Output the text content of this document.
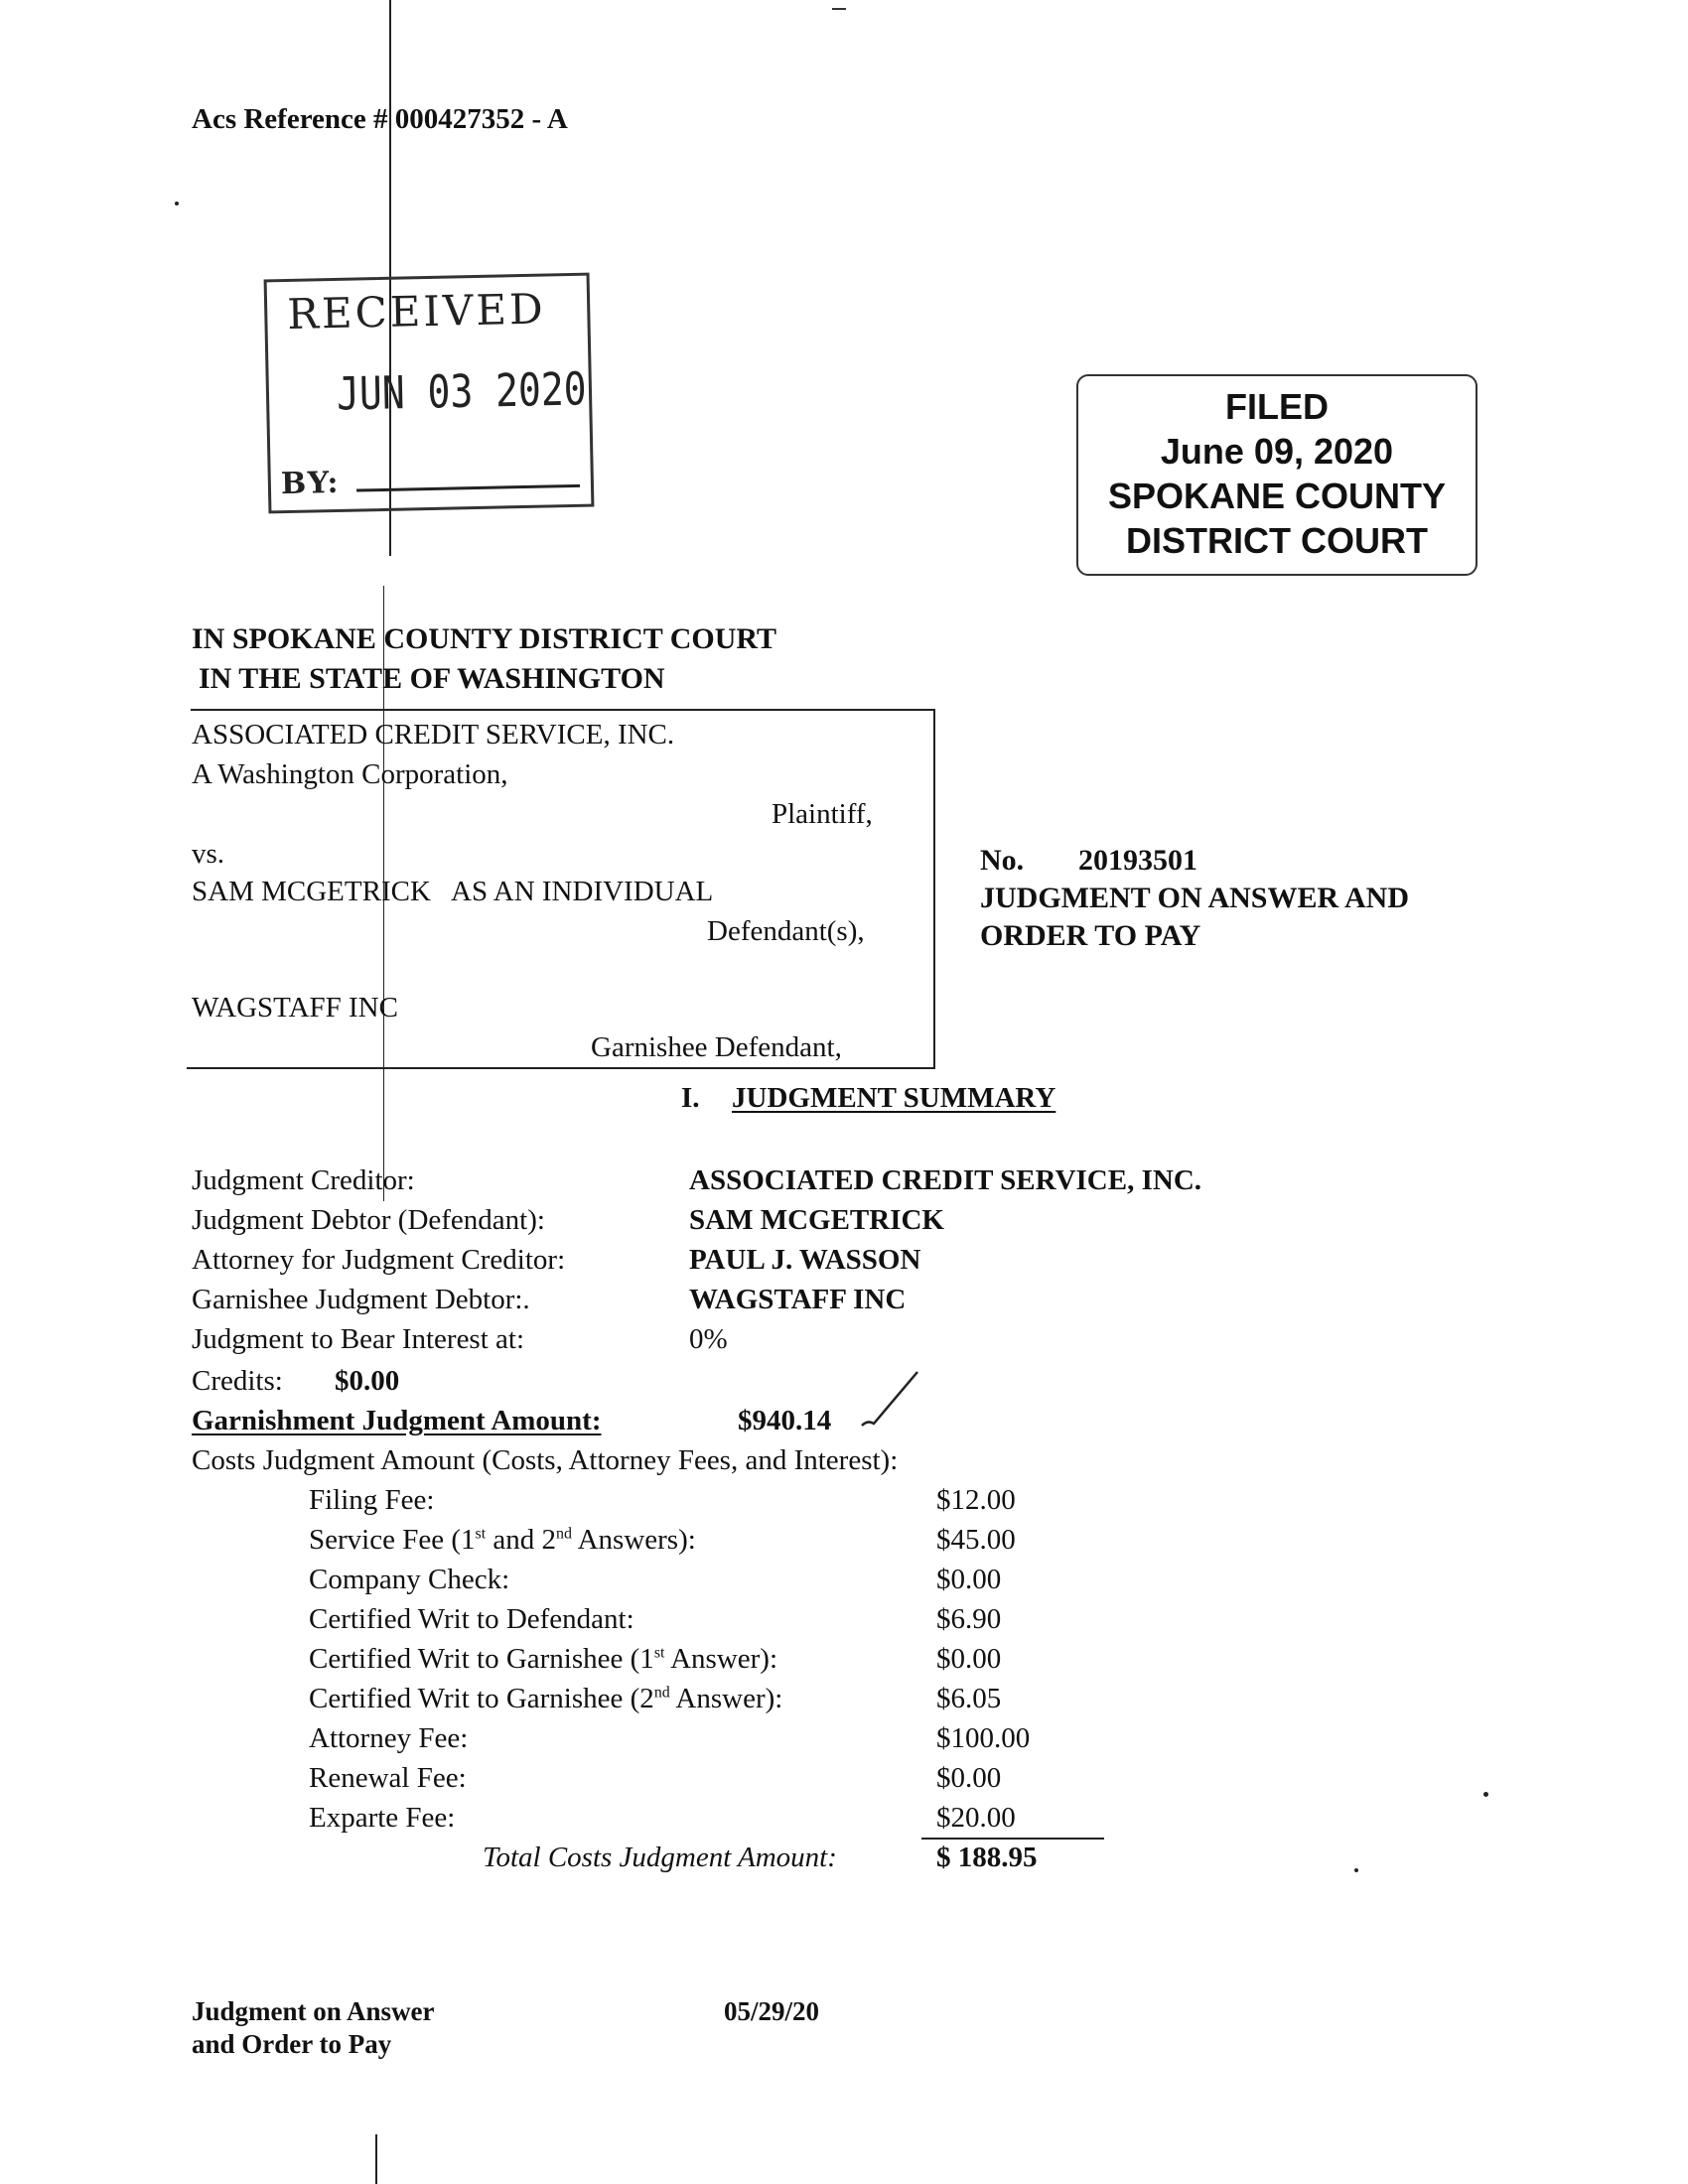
Acs Reference # 000427352 - A
RECEIVED
JUN 03 2020
BY:
FILED
June 09, 2020
SPOKANE COUNTY
DISTRICT COURT
IN SPOKANE COUNTY DISTRICT COURT
IN THE STATE OF WASHINGTON
ASSOCIATED CREDIT SERVICE, INC.
A Washington Corporation,
Plaintiff,
vs.
SAM MCGETRICK   AS AN INDIVIDUAL
Defendant(s),
WAGSTAFF INC
Garnishee Defendant,
No. 20193501
JUDGMENT ON ANSWER AND
ORDER TO PAY
I. JUDGMENT SUMMARY
Judgment Creditor:	ASSOCIATED CREDIT SERVICE, INC.
Judgment Debtor (Defendant):	SAM MCGETRICK
Attorney for Judgment Creditor:	PAUL J. WASSON
Garnishee Judgment Debtor:.	WAGSTAFF INC
Judgment to Bear Interest at:	0%
Credits: $0.00
Garnishment Judgment Amount:	$940.14
Costs Judgment Amount (Costs, Attorney Fees, and Interest):
Filing Fee:	$12.00
Service Fee (1st and 2nd Answers):	$45.00
Company Check:	$0.00
Certified Writ to Defendant:	$6.90
Certified Writ to Garnishee (1st Answer):	$0.00
Certified Writ to Garnishee (2nd Answer):	$6.05
Attorney Fee:	$100.00
Renewal Fee:	$0.00
Exparte Fee:	$20.00
Total Costs Judgment Amount:	$ 188.95
Judgment on Answer
and Order to Pay
05/29/20
